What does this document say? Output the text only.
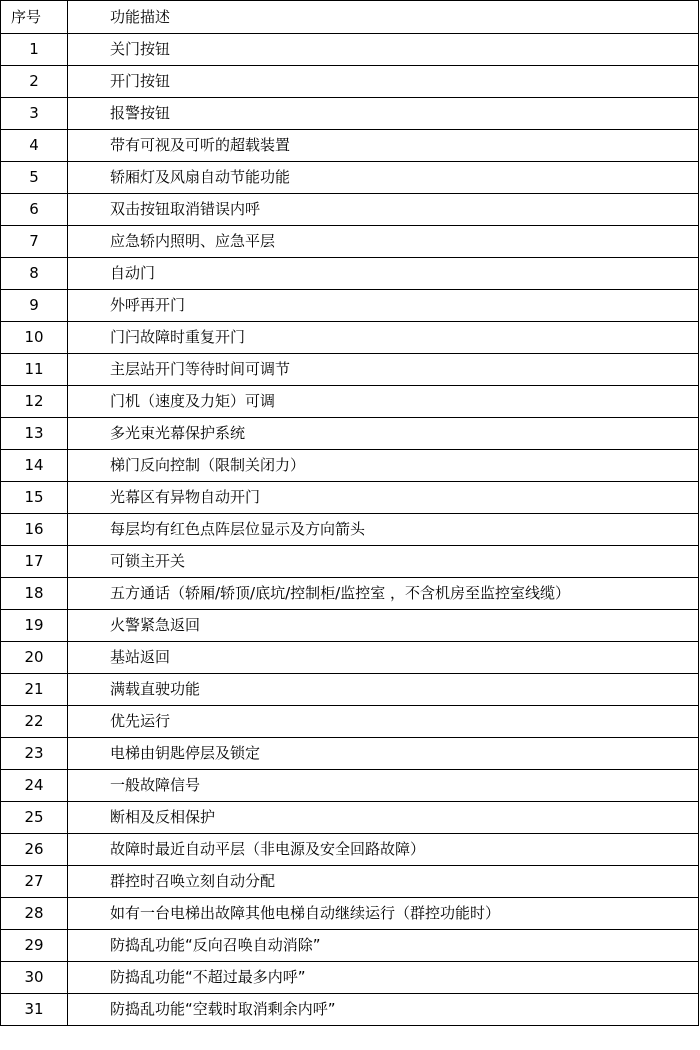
序号	功能描述
1	关门按钮
2	开门按钮
3	报警按钮
4	带有可视及可听的超载装置
5	轿厢灯及风扇自动节能功能
6	双击按钮取消错误内呼
7	应急轿内照明、应急平层
8	自动门
9	外呼再开门
10	门闩故障时重复开门
11	主层站开门等待时间可调节
12	门机（速度及力矩）可调
13	多光束光幕保护系统
14	梯门反向控制（限制关闭力）
15	光幕区有异物自动开门
16	每层均有红色点阵层位显示及方向箭头
17	可锁主开关
18	五方通话（轿厢/轿顶/底坑/控制柜/监控室 ，不含机房至监控室线缆）
19	火警紧急返回
20	基站返回
21	满载直驶功能
22	优先运行
23	电梯由钥匙停层及锁定
24	一般故障信号
25	断相及反相保护
26	故障时最近自动平层（非电源及安全回路故障）
27	群控时召唤立刻自动分配
28	如有一台电梯出故障其他电梯自动继续运行（群控功能时）
29	防捣乱功能“反向召唤自动消除”
30	防捣乱功能“不超过最多内呼”
31	防捣乱功能“空载时取消剩余内呼”
